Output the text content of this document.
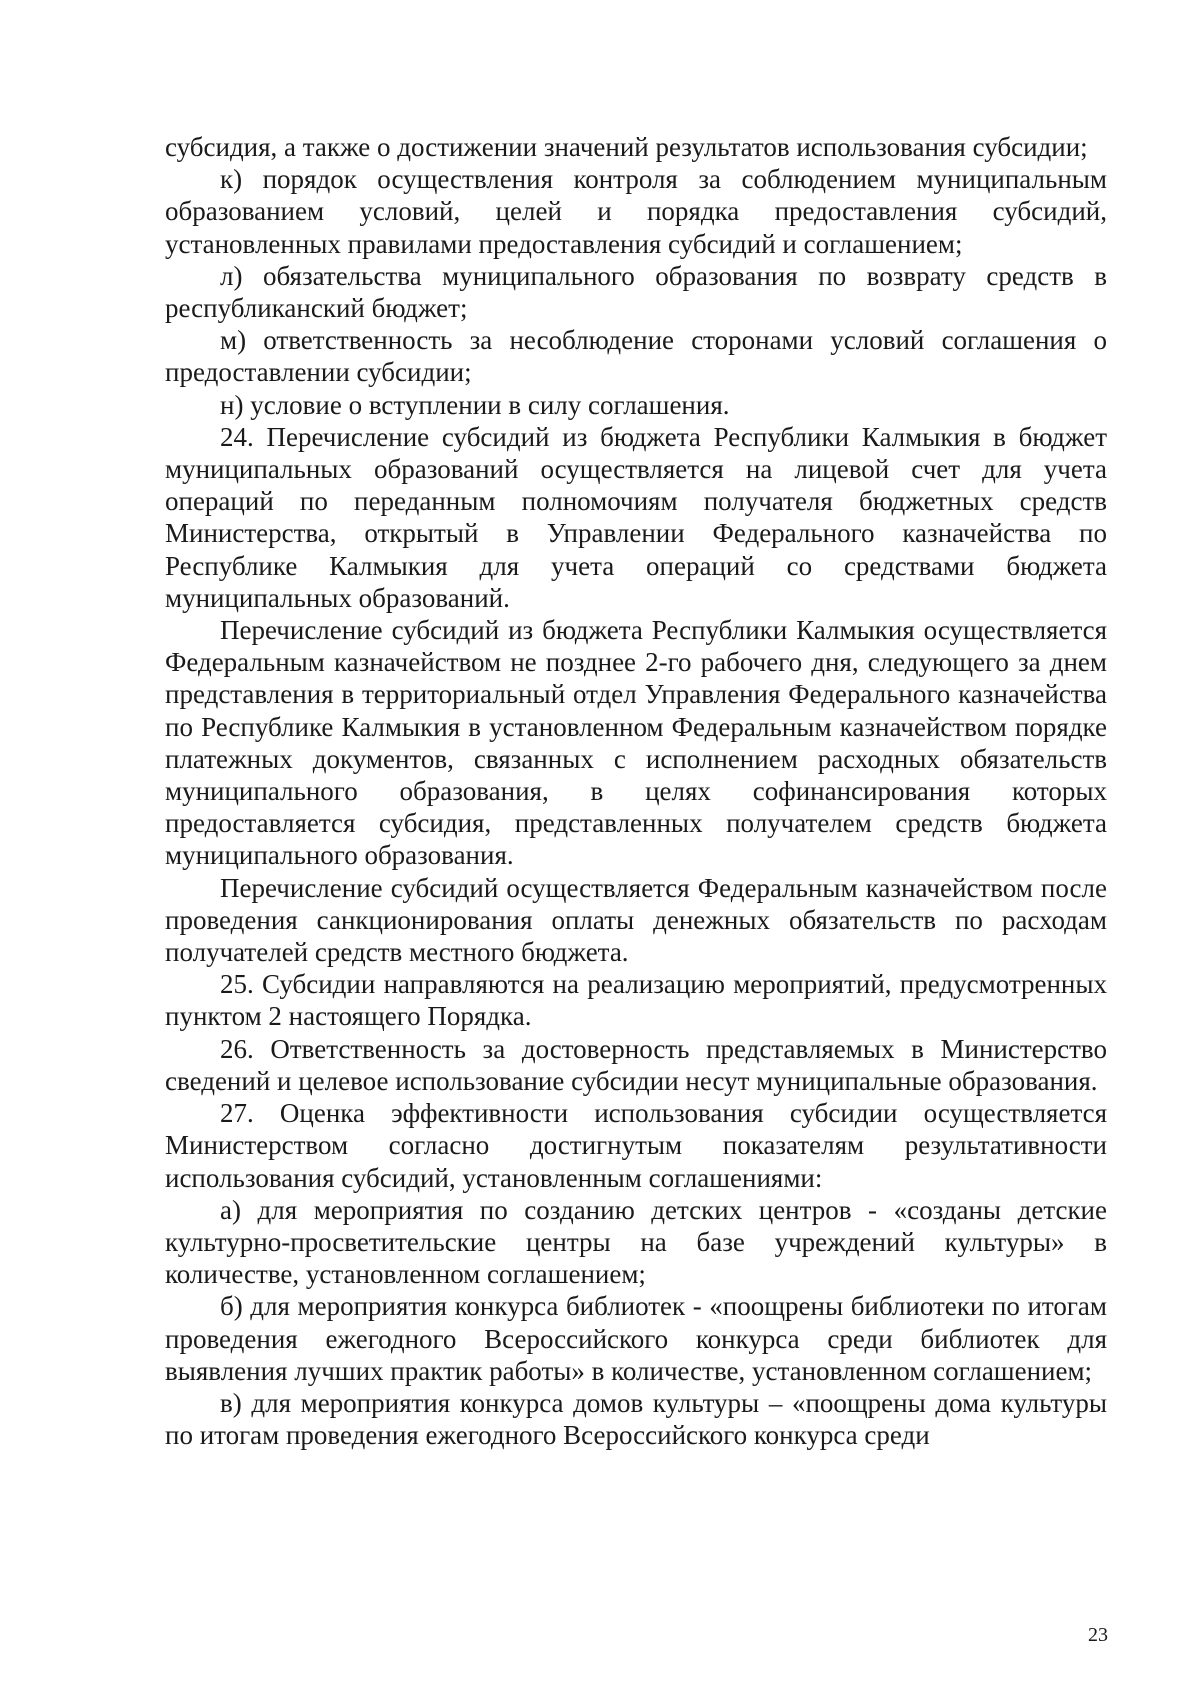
субсидия, а также о достижении значений результатов использования субсидии;

к) порядок осуществления контроля за соблюдением муниципальным образованием условий, целей и порядка предоставления субсидий, установленных правилами предоставления субсидий и соглашением;

л) обязательства муниципального образования по возврату средств в республиканский бюджет;

м) ответственность за несоблюдение сторонами условий соглашения о предоставлении субсидии;

н) условие о вступлении в силу соглашения.

24. Перечисление субсидий из бюджета Республики Калмыкия в бюджет муниципальных образований осуществляется на лицевой счет для учета операций по переданным полномочиям получателя бюджетных средств Министерства, открытый в Управлении Федерального казначейства по Республике Калмыкия для учета операций со средствами бюджета муниципальных образований.

Перечисление субсидий из бюджета Республики Калмыкия осуществляется Федеральным казначейством не позднее 2-го рабочего дня, следующего за днем представления в территориальный отдел Управления Федерального казначейства по Республике Калмыкия в установленном Федеральным казначейством порядке платежных документов, связанных с исполнением расходных обязательств муниципального образования, в целях софинансирования которых предоставляется субсидия, представленных получателем средств бюджета муниципального образования.

Перечисление субсидий осуществляется Федеральным казначейством после проведения санкционирования оплаты денежных обязательств по расходам получателей средств местного бюджета.

25. Субсидии направляются на реализацию мероприятий, предусмотренных пунктом 2 настоящего Порядка.

26. Ответственность за достоверность представляемых в Министерство сведений и целевое использование субсидии несут муниципальные образования.

27. Оценка эффективности использования субсидии осуществляется Министерством согласно достигнутым показателям результативности использования субсидий, установленным соглашениями:

а) для мероприятия по созданию детских центров - «созданы детские культурно-просветительские центры на базе учреждений культуры» в количестве, установленном соглашением;

б) для мероприятия конкурса библиотек - «поощрены библиотеки по итогам проведения ежегодного Всероссийского конкурса среди библиотек для выявления лучших практик работы» в количестве, установленном соглашением;

в) для мероприятия конкурса домов культуры – «поощрены дома культуры по итогам проведения ежегодного Всероссийского конкурса среди

23
